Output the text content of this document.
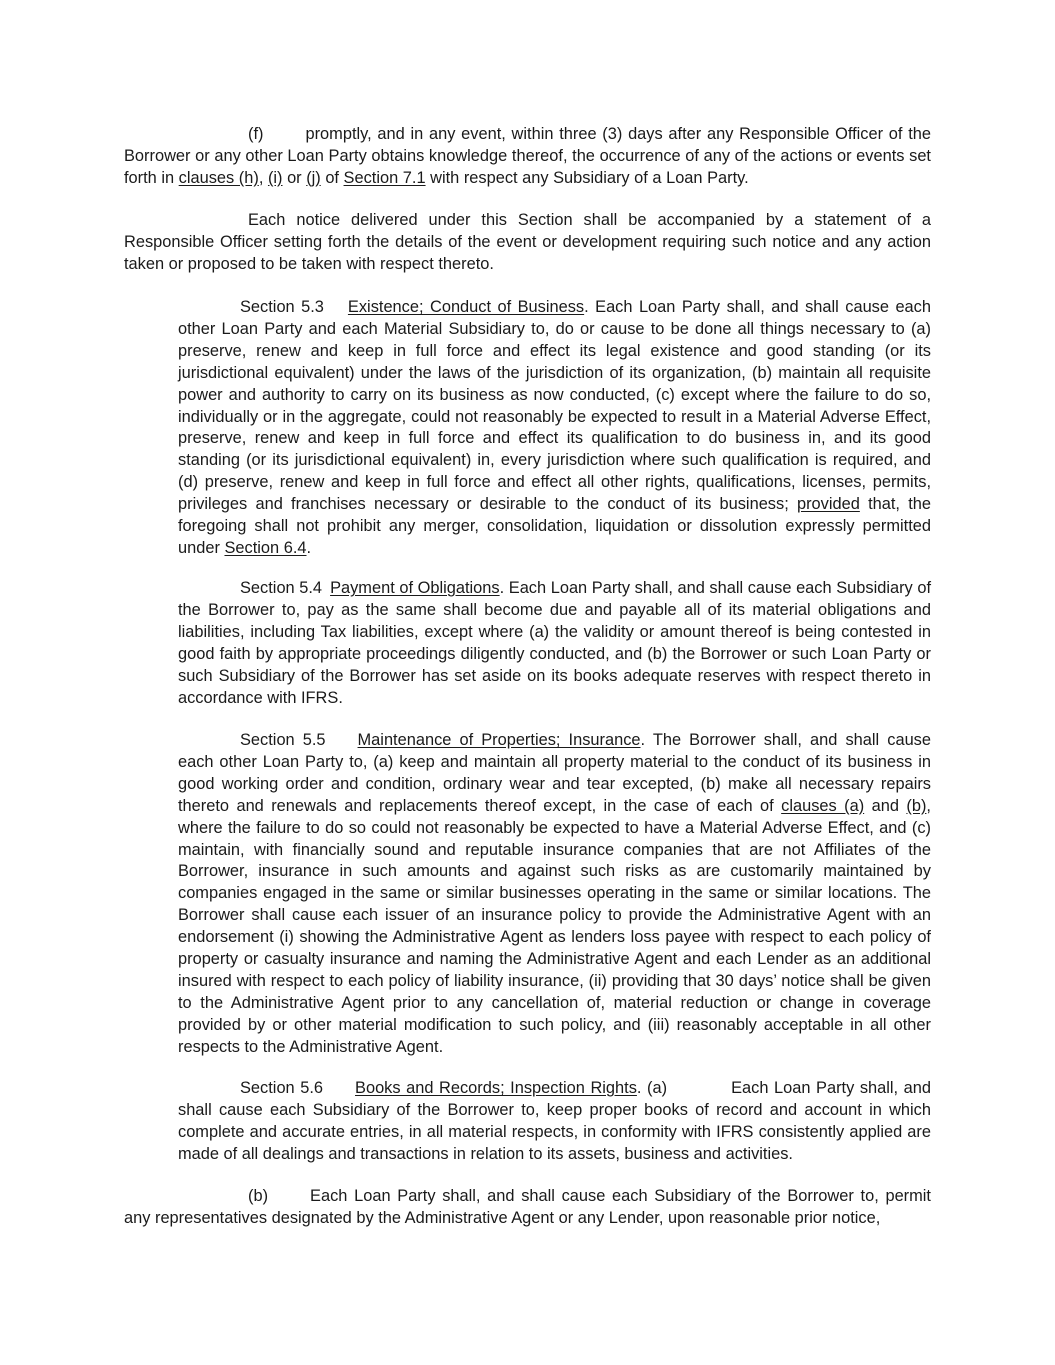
(f)	promptly, and in any event, within three (3) days after any Responsible Officer of the Borrower or any other Loan Party obtains knowledge thereof, the occurrence of any of the actions or events set forth in clauses (h), (i) or (j) of Section 7.1 with respect any Subsidiary of a Loan Party.

Each notice delivered under this Section shall be accompanied by a statement of a Responsible Officer setting forth the details of the event or development requiring such notice and any action taken or proposed to be taken with respect thereto.

Section 5.3 Existence; Conduct of Business. Each Loan Party shall, and shall cause each other Loan Party and each Material Subsidiary to, do or cause to be done all things necessary to (a) preserve, renew and keep in full force and effect its legal existence and good standing (or its jurisdictional equivalent) under the laws of the jurisdiction of its organization, (b) maintain all requisite power and authority to carry on its business as now conducted, (c) except where the failure to do so, individually or in the aggregate, could not reasonably be expected to result in a Material Adverse Effect, preserve, renew and keep in full force and effect its qualification to do business in, and its good standing (or its jurisdictional equivalent) in, every jurisdiction where such qualification is required, and (d) preserve, renew and keep in full force and effect all other rights, qualifications, licenses, permits, privileges and franchises necessary or desirable to the conduct of its business; provided that, the foregoing shall not prohibit any merger, consolidation, liquidation or dissolution expressly permitted under Section 6.4.

Section 5.4 Payment of Obligations. Each Loan Party shall, and shall cause each Subsidiary of the Borrower to, pay as the same shall become due and payable all of its material obligations and liabilities, including Tax liabilities, except where (a) the validity or amount thereof is being contested in good faith by appropriate proceedings diligently conducted, and (b) the Borrower or such Loan Party or such Subsidiary of the Borrower has set aside on its books adequate reserves with respect thereto in accordance with IFRS.

Section 5.5 Maintenance of Properties; Insurance. The Borrower shall, and shall cause each other Loan Party to, (a) keep and maintain all property material to the conduct of its business in good working order and condition, ordinary wear and tear excepted, (b) make all necessary repairs thereto and renewals and replacements thereof except, in the case of each of clauses (a) and (b), where the failure to do so could not reasonably be expected to have a Material Adverse Effect, and (c) maintain, with financially sound and reputable insurance companies that are not Affiliates of the Borrower, insurance in such amounts and against such risks as are customarily maintained by companies engaged in the same or similar businesses operating in the same or similar locations. The Borrower shall cause each issuer of an insurance policy to provide the Administrative Agent with an endorsement (i) showing the Administrative Agent as lenders loss payee with respect to each policy of property or casualty insurance and naming the Administrative Agent and each Lender as an additional insured with respect to each policy of liability insurance, (ii) providing that 30 days’ notice shall be given to the Administrative Agent prior to any cancellation of, material reduction or change in coverage provided by or other material modification to such policy, and (iii) reasonably acceptable in all other respects to the Administrative Agent.

Section 5.6 Books and Records; Inspection Rights. (a)	Each Loan Party shall, and shall cause each Subsidiary of the Borrower to, keep proper books of record and account in which complete and accurate entries, in all material respects, in conformity with IFRS consistently applied are made of all dealings and transactions in relation to its assets, business and activities.

(b)	Each Loan Party shall, and shall cause each Subsidiary of the Borrower to, permit any representatives designated by the Administrative Agent or any Lender, upon reasonable prior notice,
